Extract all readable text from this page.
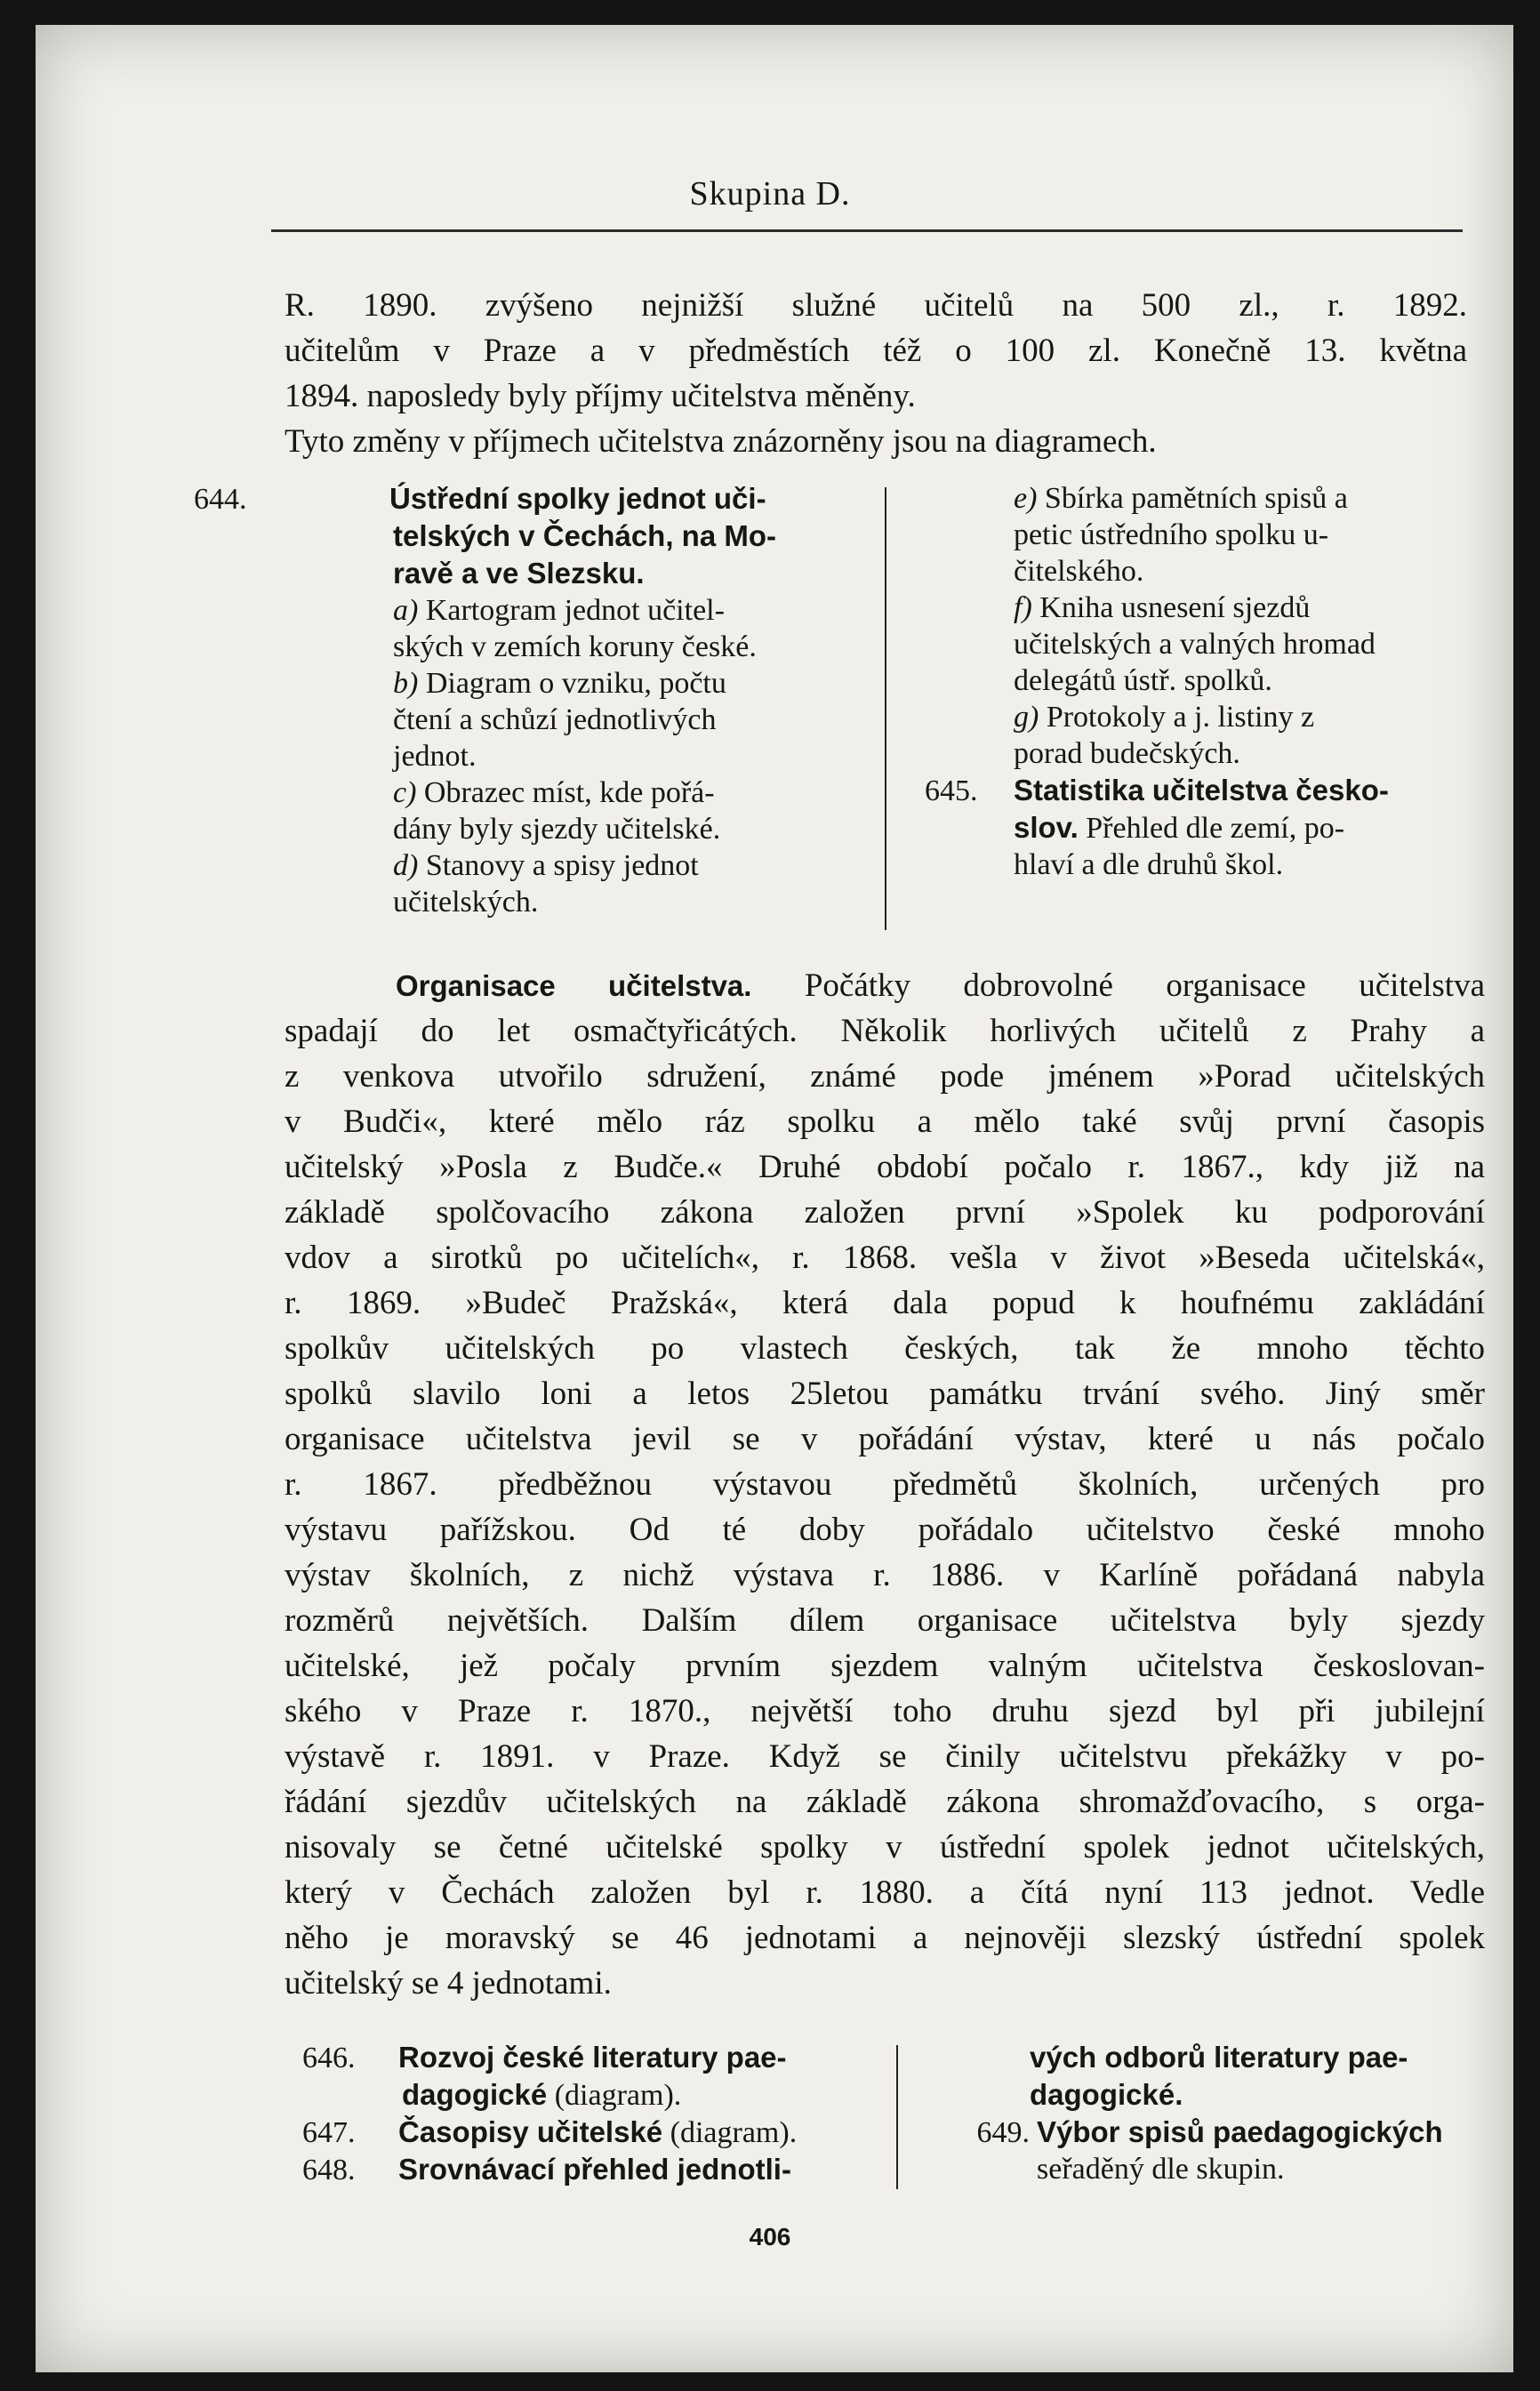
Skupina D.
R. 1890. zvýšeno nejnižší služné učitelů na 500 zl., r. 1892.
učitelům v Praze a v předměstích též o 100 zl. Konečně 13. května
1894. naposledy byly příjmy učitelstva měněny.
Tyto změny v příjmech učitelstva znázorněny jsou na diagramech.
644.	Ústřední spolky jednot uči-
telských v Čechách, na Mo-
ravě a ve Slezsku.
a) Kartogram jednot učitel-
ských v zemích koruny české.
b) Diagram o vzniku, počtu
čtení a schůzí jednotlivých
jednot.
c) Obrazec míst, kde pořá-
dány byly sjezdy učitelské.
d) Stanovy a spisy jednot
učitelských.
e) Sbírka pamětních spisů a
petic ústředního spolku u-
čitelského.
f) Kniha usnesení sjezdů
učitelských a valných hromad
delegátů ústř. spolků.
g) Protokoly a j. listiny z
porad budečských.
645. Statistika učitelstva česko-
slov. Přehled dle zemí, po-
hlaví a dle druhů škol.
Organisace učitelstva. Počátky dobrovolné organisace učitelstva
spadají do let osmačtyřicátých. Několik horlivých učitelů z Prahy a
z venkova utvořilo sdružení, známé pode jménem »Porad učitelských
v Budči«, které mělo ráz spolku a mělo také svůj první časopis
učitelský »Posla z Budče.« Druhé období počalo r. 1867., kdy již na
základě spolčovacího zákona založen první »Spolek ku podporování
vdov a sirotků po učitelích«, r. 1868. vešla v život »Beseda učitelská«,
r. 1869. »Budeč Pražská«, která dala popud k houfnému zakládání
spolkův učitelských po vlastech českých, tak že mnoho těchto
spolků slavilo loni a letos 25letou památku trvání svého. Jiný směr
organisace učitelstva jevil se v pořádání výstav, které u nás počalo
r. 1867. předběžnou výstavou předmětů školních, určených pro
výstavu pařížskou. Od té doby pořádalo učitelstvo české mnoho
výstav školních, z nichž výstava r. 1886. v Karlíně pořádaná nabyla
rozměrů největších. Dalším dílem organisace učitelstva byly sjezdy
učitelské, jež počaly prvním sjezdem valným učitelstva českoslovan-
ského v Praze r. 1870., největší toho druhu sjezd byl při jubilejní
výstavě r. 1891. v Praze. Když se činily učitelstvu překážky v po-
řádání sjezdův učitelských na základě zákona shromažďovacího, s orga-
nisovaly se četné učitelské spolky v ústřední spolek jednot učitelských,
který v Čechách založen byl r. 1880. a čítá nyní 113 jednot. Vedle
něho je moravský se 46 jednotami a nejnověji slezský ústřední spolek
učitelský se 4 jednotami.
646. Rozvoj české literatury pae-
dagogické (diagram).
647. Časopisy učitelské (diagram).
648. Srovnávací přehled jednotli-
vých odborů literatury pae-
dagogické.
649. Výbor spisů paedagogických
seřaděný dle skupin.
406
